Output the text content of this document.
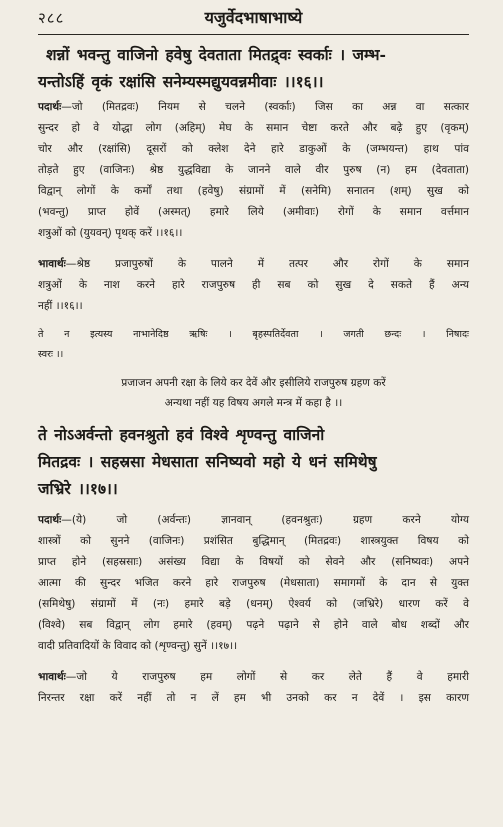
२८८	यजुर्वेदभाषाभाष्ये
शन्नों भवन्तु वाजिनो हवेषु देवताता मितद्र्वः स्वर्काः । जम्भ-
यन्तोऽहिं वृकं रक्षांसि सनेम्यस्मद्युयवन्नमीवाः ।।१६।।
पदार्थः—जो (मितद्रवः) नियम से चलने (स्वर्काः) जिस का अन्न वा सत्कार
सुन्दर हो वे योद्धा लोग (अहिम्) मेघ के समान चेष्टा करते और बढ़े हुए (वृकम्)
चोर और (रक्षांसि) दूसरों को क्लेश देने हारे डाकुओं के (जम्भयन्त) हाथ पांव
तोड़ते हुए (वाजिनः) श्रेष्ठ युद्धविद्या के जानने वाले वीर पुरुष (न) हम (देवताता)
विद्वान् लोगों के कर्मों तथा (हवेषु) संग्रामों में (सनेमि) सनातन (शम्) सुख को
(भवन्तु) प्राप्त होवें (अस्मत्) हमारे लिये (अमीवाः) रोगों के समान वर्त्तमान
शत्रुओं को (युयवन्) पृथक् करें ।।१६।।
भावार्थः—श्रेष्ठ प्रजापुरुषों के पालने में तत्पर और रोगों के समान
शत्रुओं के नाश करने हारे राजपुरुष ही सब को सुख दे सकते हैं अन्य
नहीं ।।१६।।
ते न इत्यस्य नाभानेदिष्ठ ऋषिः । बृहस्पतिर्देवता । जगती छन्दः । निषादः
स्वरः ।।
प्रजाजन अपनी रक्षा के लिये कर देवें और इसीलिये राजपुरुष ग्रहण करें
अन्यथा नहीं यह विषय अगले मन्त्र में कहा है ।।
ते नोऽअर्वन्तो हवनश्रुतो हवं विश्वे शृण्वन्तु वाजिनो
मितद्रवः । सहस्रसा मेधसाता सनिष्यवो महो ये धनं समिथेषु
जभ्रिरे ।।१७।।
पदार्थः—(ये) जो (अर्वन्तः) ज्ञानवान् (हवनश्रुतः) ग्रहण करने योग्य
शास्त्रों को सुनने (वाजिनः) प्रशंसित बुद्धिमान् (मितद्रवः) शास्त्रयुक्त विषय को
प्राप्त होने (सहस्रसाः) असंख्य विद्या के विषयों को सेवने और (सनिष्यवः) अपने
आत्मा की सुन्दर भजित करने हारे राजपुरुष (मेधसाता) समागमों के दान से युक्त
(समिथेषु) संग्रामों में (नः) हमारे बड़े (धनम्) ऐश्वर्य को (जभ्रिरे) धारण करें वे
(विश्वे) सब विद्वान् लोग हमारे (हवम्) पढ़ने पढ़ाने से होने वाले बोध शब्दों और
वादी प्रतिवादियों के विवाद को (शृण्वन्तु) सुनें ।।१७।।
भावार्थः—जो ये राजपुरुष हम लोगों से कर लेते हैं वे हमारी
निरन्तर रक्षा करें नहीं तो न लें हम भी उनको कर न देवें । इस कारण
